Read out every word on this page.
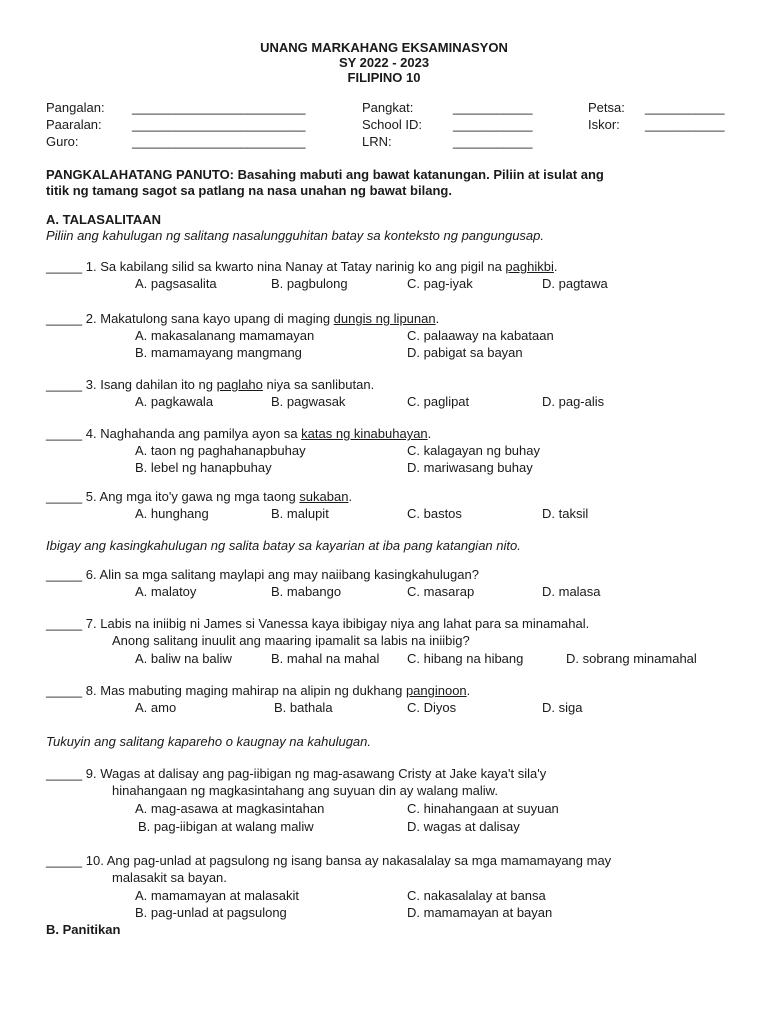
UNANG MARKAHANG EKSAMINASYON
SY 2022 - 2023
FILIPINO 10
Pangalan: ________________________	Pangkat:	___________	Petsa: ___________
Paaralan: ________________________	School ID: ___________	Iskor: ___________
Guro:	________________________	LRN:	___________
PANGKALAHATANG PANUTO: Basahing mabuti ang bawat katanungan. Piliin at isulat ang
titik ng tamang sagot sa patlang na nasa unahan ng bawat bilang.
A. TALASALITAAN
Piliin ang kahulugan ng salitang nasalungguhitan batay sa konteksto ng pangungusap.
_____ 1. Sa kabilang silid sa kwarto nina Nanay at Tatay narinig ko ang pigil na paghikbi.
A. pagsasalita	B. pagbulong	C. pag-iyak	D. pagtawa
_____ 2. Makatulong sana kayo upang di maging dungis ng lipunan.
A. makasalanang mamamayan	C. palaaway na kabataan
B. mamamayang mangmang	D. pabigat sa bayan
_____ 3. Isang dahilan ito ng paglaho niya sa sanlibutan.
A. pagkawala	B. pagwasak	C. paglipat	D. pag-alis
_____ 4. Naghahanda ang pamilya ayon sa katas ng kinabuhayan.
A. taon ng paghahanapbuhay	C. kalagayan ng buhay
B. lebel ng hanapbuhay	D. mariwasang buhay
_____ 5. Ang mga ito'y gawa ng mga taong sukaban.
A. hunghang	B. malupit	C. bastos	D. taksil
Ibigay ang kasingkahulugan ng salita batay sa kayarian at iba pang katangian nito.
_____ 6. Alin sa mga salitang maylapi ang may naiibang kasingkahulugan?
A. malatoy	B. mabango	C. masarap	D. malasa
_____ 7. Labis na iniibig ni James si Vanessa kaya ibibigay niya ang lahat para sa minamahal.
Anong salitang inuulit ang maaring ipamalit sa labis na iniibig?
A. baliw na baliw	B. mahal na mahal C. hibang na hibang	D. sobrang minamahal
_____ 8. Mas mabuting maging mahirap na alipin ng dukhang panginoon.
A. amo	B. bathala	C. Diyos	D. siga
Tukuyin ang salitang kapareho o kaugnay na kahulugan.
_____ 9. Wagas at dalisay ang pag-iibigan ng mag-asawang Cristy at Jake kaya't sila'y
hinahangaan ng magkasintahang ang suyuan din ay walang maliw.
A. mag-asawa at magkasintahan	C. hinahangaan at suyuan
B. pag-iibigan at walang maliw	D. wagas at dalisay
_____ 10. Ang pag-unlad at pagsulong ng isang bansa ay nakasalalay sa mga mamamayang may
malasakit sa bayan.
A. mamamayan at malasakit	C. nakasalalay at bansa
B. pag-unlad at pagsulong	D. mamamayan at bayan
B. Panitikan
